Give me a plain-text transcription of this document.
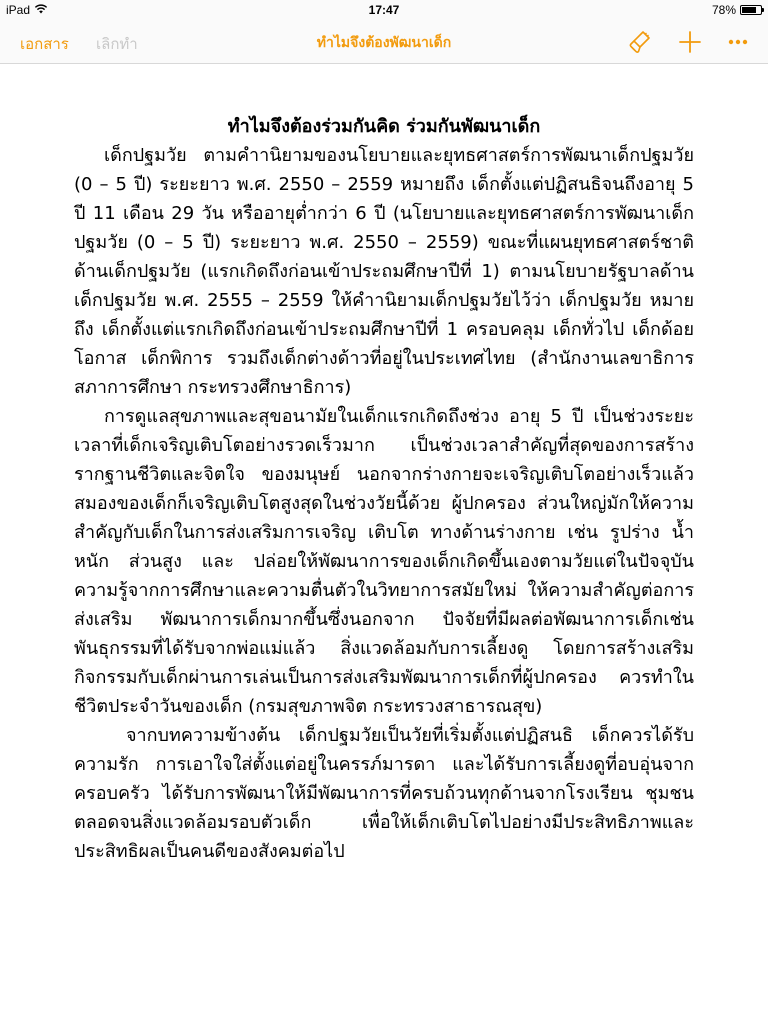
iPad	17:47	78%
เอกสาร เลิกทำ	ทำไมจึงต้องพัฒนาเด็ก
ทำไมจึงต้องร่วมกันคิด ร่วมกันพัฒนาเด็ก

เด็กปฐมวัย ตามคำานิยามของนโยบายและยุทธศาสตร์การพัฒนาเด็กปฐมวัย (0 – 5 ปี) ระยะยาว พ.ศ. 2550 – 2559 หมายถึง เด็กตั้งแต่ปฏิสนธิจนถึงอายุ 5 ปี 11 เดือน 29 วัน หรืออายุต่ำกว่า 6 ปี (นโยบายและยุทธศาสตร์การพัฒนาเด็กปฐมวัย (0 – 5 ปี) ระยะยาว พ.ศ. 2550 – 2559) ขณะที่แผนยุทธศาสตร์ชาติ ด้านเด็กปฐมวัย (แรกเกิดถึงก่อนเข้าประถมศึกษาปีที่ 1) ตามนโยบายรัฐบาลด้านเด็กปฐมวัย พ.ศ. 2555 – 2559 ให้คำานิยามเด็กปฐมวัยไว้ว่า เด็กปฐมวัย หมายถึง เด็กตั้งแต่แรกเกิดถึงก่อนเข้าประถมศึกษาปีที่ 1 ครอบคลุม เด็กทั่วไป เด็กด้อยโอกาส เด็กพิการ รวมถึงเด็กต่างด้าวที่อยู่ในประเทศไทย (สำนักงานเลขาธิการสภาการศึกษา กระทรวงศึกษาธิการ)

การดูแลสุขภาพและสุขอนามัยในเด็กแรกเกิดถึงช่วง อายุ 5 ปี เป็นช่วงระยะเวลาที่เด็กเจริญเติบโตอย่างรวดเร็วมาก เป็นช่วงเวลาสำคัญที่สุดของการสร้างรากฐานชีวิตและจิตใจ ของมนุษย์ นอกจากร่างกายจะเจริญเติบโตอย่างเร็วแล้ว สมองของเด็กก็เจริญเติบโตสูงสุดในช่วงวัยนี้ด้วย ผู้ปกครอง ส่วนใหญ่มักให้ความสำคัญกับเด็กในการส่งเสริมการเจริญ เติบโต ทางด้านร่างกาย เช่น รูปร่าง น้ำหนัก ส่วนสูง และ ปล่อยให้พัฒนาการของเด็กเกิดขึ้นเองตามวัยแต่ในปัจจุบัน ความรู้จากการศึกษาและความตื่นตัวในวิทยาการสมัยใหม่ ให้ความสำคัญต่อการส่งเสริม พัฒนาการเด็กมากขึ้นซึ่งนอกจาก ปัจจัยที่มีผลต่อพัฒนาการเด็กเช่นพันธุกรรมที่ได้รับจากพ่อแม่แล้ว สิ่งแวดล้อมกับการเลี้ยงดู โดยการสร้างเสริม กิจกรรมกับเด็กผ่านการเล่นเป็นการส่งเสริมพัฒนาการเด็กที่ผู้ปกครอง ควรทำในชีวิตประจำวันของเด็ก (กรมสุขภาพจิต กระทรวงสาธารณสุข)

จากบทความข้างต้น เด็กปฐมวัยเป็นวัยที่เริ่มตั้งแต่ปฏิสนธิ เด็กควรได้รับความรัก การเอาใจใส่ตั้งแต่อยู่ในครรภ์มารดา และได้รับการเลี้ยงดูที่อบอุ่นจากครอบครัว ได้รับการพัฒนาให้มีพัฒนาการที่ครบถ้วนทุกด้านจากโรงเรียน ชุมชน ตลอดจนสิ่งแวดล้อมรอบตัวเด็ก เพื่อให้เด็กเติบโตไปอย่างมีประสิทธิภาพและประสิทธิผลเป็นคนดีของสังคมต่อไป
